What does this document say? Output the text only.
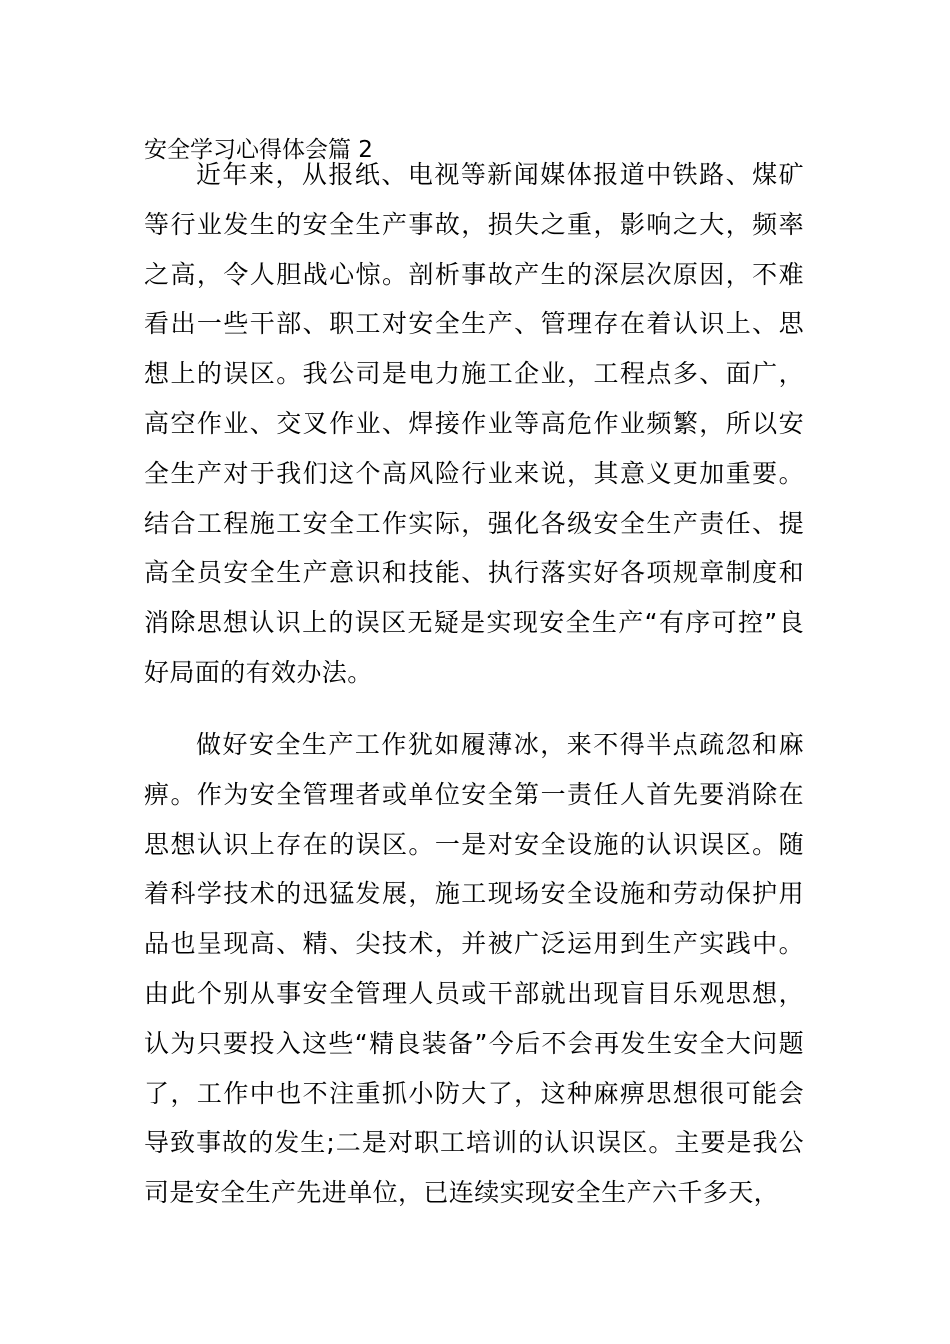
安全学习心得体会篇 2

近年来，从报纸、电视等新闻媒体报道中铁路、煤矿等行业发生的安全生产事故，损失之重，影响之大，频率之高，令人胆战心惊。剖析事故产生的深层次原因，不难看出一些干部、职工对安全生产、管理存在着认识上、思想上的误区。我公司是电力施工企业，工程点多、面广，高空作业、交叉作业、焊接作业等高危作业频繁，所以安全生产对于我们这个高风险行业来说，其意义更加重要。结合工程施工安全工作实际，强化各级安全生产责任、提高全员安全生产意识和技能、执行落实好各项规章制度和消除思想认识上的误区无疑是实现安全生产“有序可控”良好局面的有效办法。

做好安全生产工作犹如履薄冰，来不得半点疏忽和麻痹。作为安全管理者或单位安全第一责任人首先要消除在思想认识上存在的误区。一是对安全设施的认识误区。随着科学技术的迅猛发展，施工现场安全设施和劳动保护用品也呈现高、精、尖技术，并被广泛运用到生产实践中。由此个别从事安全管理人员或干部就出现盲目乐观思想，认为只要投入这些“精良装备”今后不会再发生安全大问题了，工作中也不注重抓小防大了，这种麻痹思想很可能会导致事故的发生;二是对职工培训的认识误区。主要是我公司是安全生产先进单位，已连续实现安全生产六千多天，
